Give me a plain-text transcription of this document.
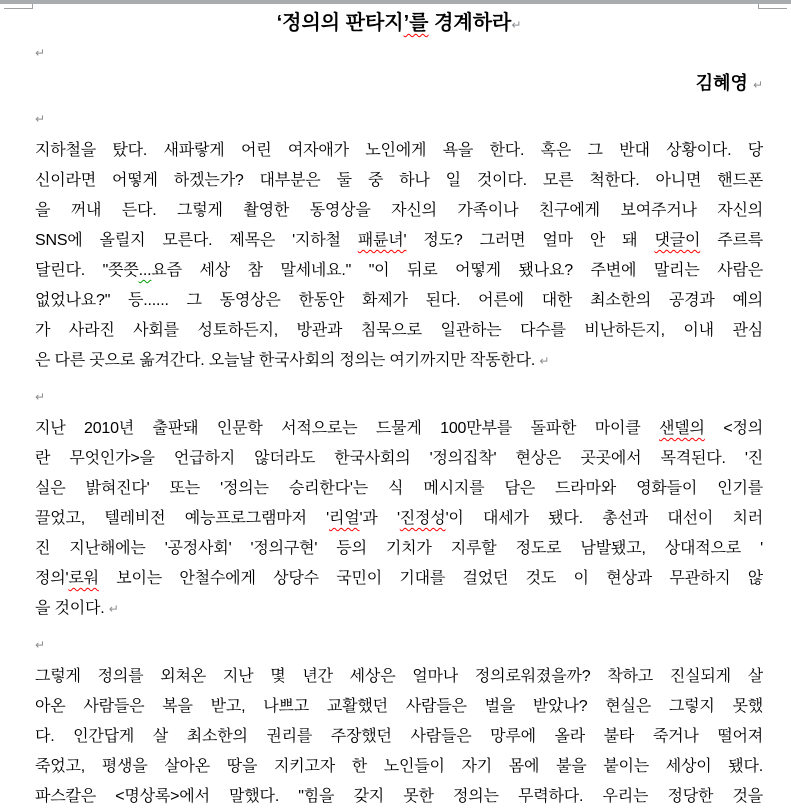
‘정의의 판타지’를 경계하라↵
↵
김혜영 ↵
↵
지하철을 탔다. 새파랗게 어린 여자애가 노인에게 욕을 한다. 혹은 그 반대 상황이다. 당
신이라면 어떻게 하겠는가? 대부분은 둘 중 하나 일 것이다. 모른 척한다. 아니면 핸드폰
을 꺼내 든다. 그렇게 촬영한 동영상을 자신의 가족이나 친구에게 보여주거나 자신의
SNS에 올릴지 모른다. 제목은 '지하철 패륜녀' 정도? 그러면 얼마 안 돼 댓글이 주르륵
달린다. "쯧쯧...요즘 세상 참 말세네요." "이 뒤로 어떻게 됐나요? 주변에 말리는 사람은
없었나요?" 등...... 그 동영상은 한동안 화제가 된다. 어른에 대한 최소한의 공경과 예의
가 사라진 사회를 성토하든지, 방관과 침묵으로 일관하는 다수를 비난하든지, 이내 관심
은 다른 곳으로 옮겨간다. 오늘날 한국사회의 정의는 여기까지만 작동한다. ↵
↵
지난 2010년 출판돼 인문학 서적으로는 드물게 100만부를 돌파한 마이클 샌델의 <정의
란 무엇인가>을 언급하지 않더라도 한국사회의 '정의집착' 현상은 곳곳에서 목격된다. '진
실은 밝혀진다' 또는 '정의는 승리한다'는 식 메시지를 담은 드라마와 영화들이 인기를
끌었고, 텔레비전 예능프로그램마저 '리얼'과 '진정성'이 대세가 됐다. 총선과 대선이 치러
진 지난해에는 '공정사회' '정의구현' 등의 기치가 지루할 정도로 남발됐고, 상대적으로 '
정의'로워 보이는 안철수에게 상당수 국민이 기대를 걸었던 것도 이 현상과 무관하지 않
을 것이다. ↵
↵
그렇게 정의를 외쳐온 지난 몇 년간 세상은 얼마나 정의로워졌을까? 착하고 진실되게 살
아온 사람들은 복을 받고, 나쁘고 교활했던 사람들은 벌을 받았나? 현실은 그렇지 못했
다. 인간답게 살 최소한의 권리를 주장했던 사람들은 망루에 올라 불타 죽거나 떨어져
죽었고, 평생을 살아온 땅을 지키고자 한 노인들이 자기 몸에 불을 붙이는 세상이 됐다.
파스칼은 <명상록>에서 말했다. "힘을 갖지 못한 정의는 무력하다. 우리는 정당한 것을
